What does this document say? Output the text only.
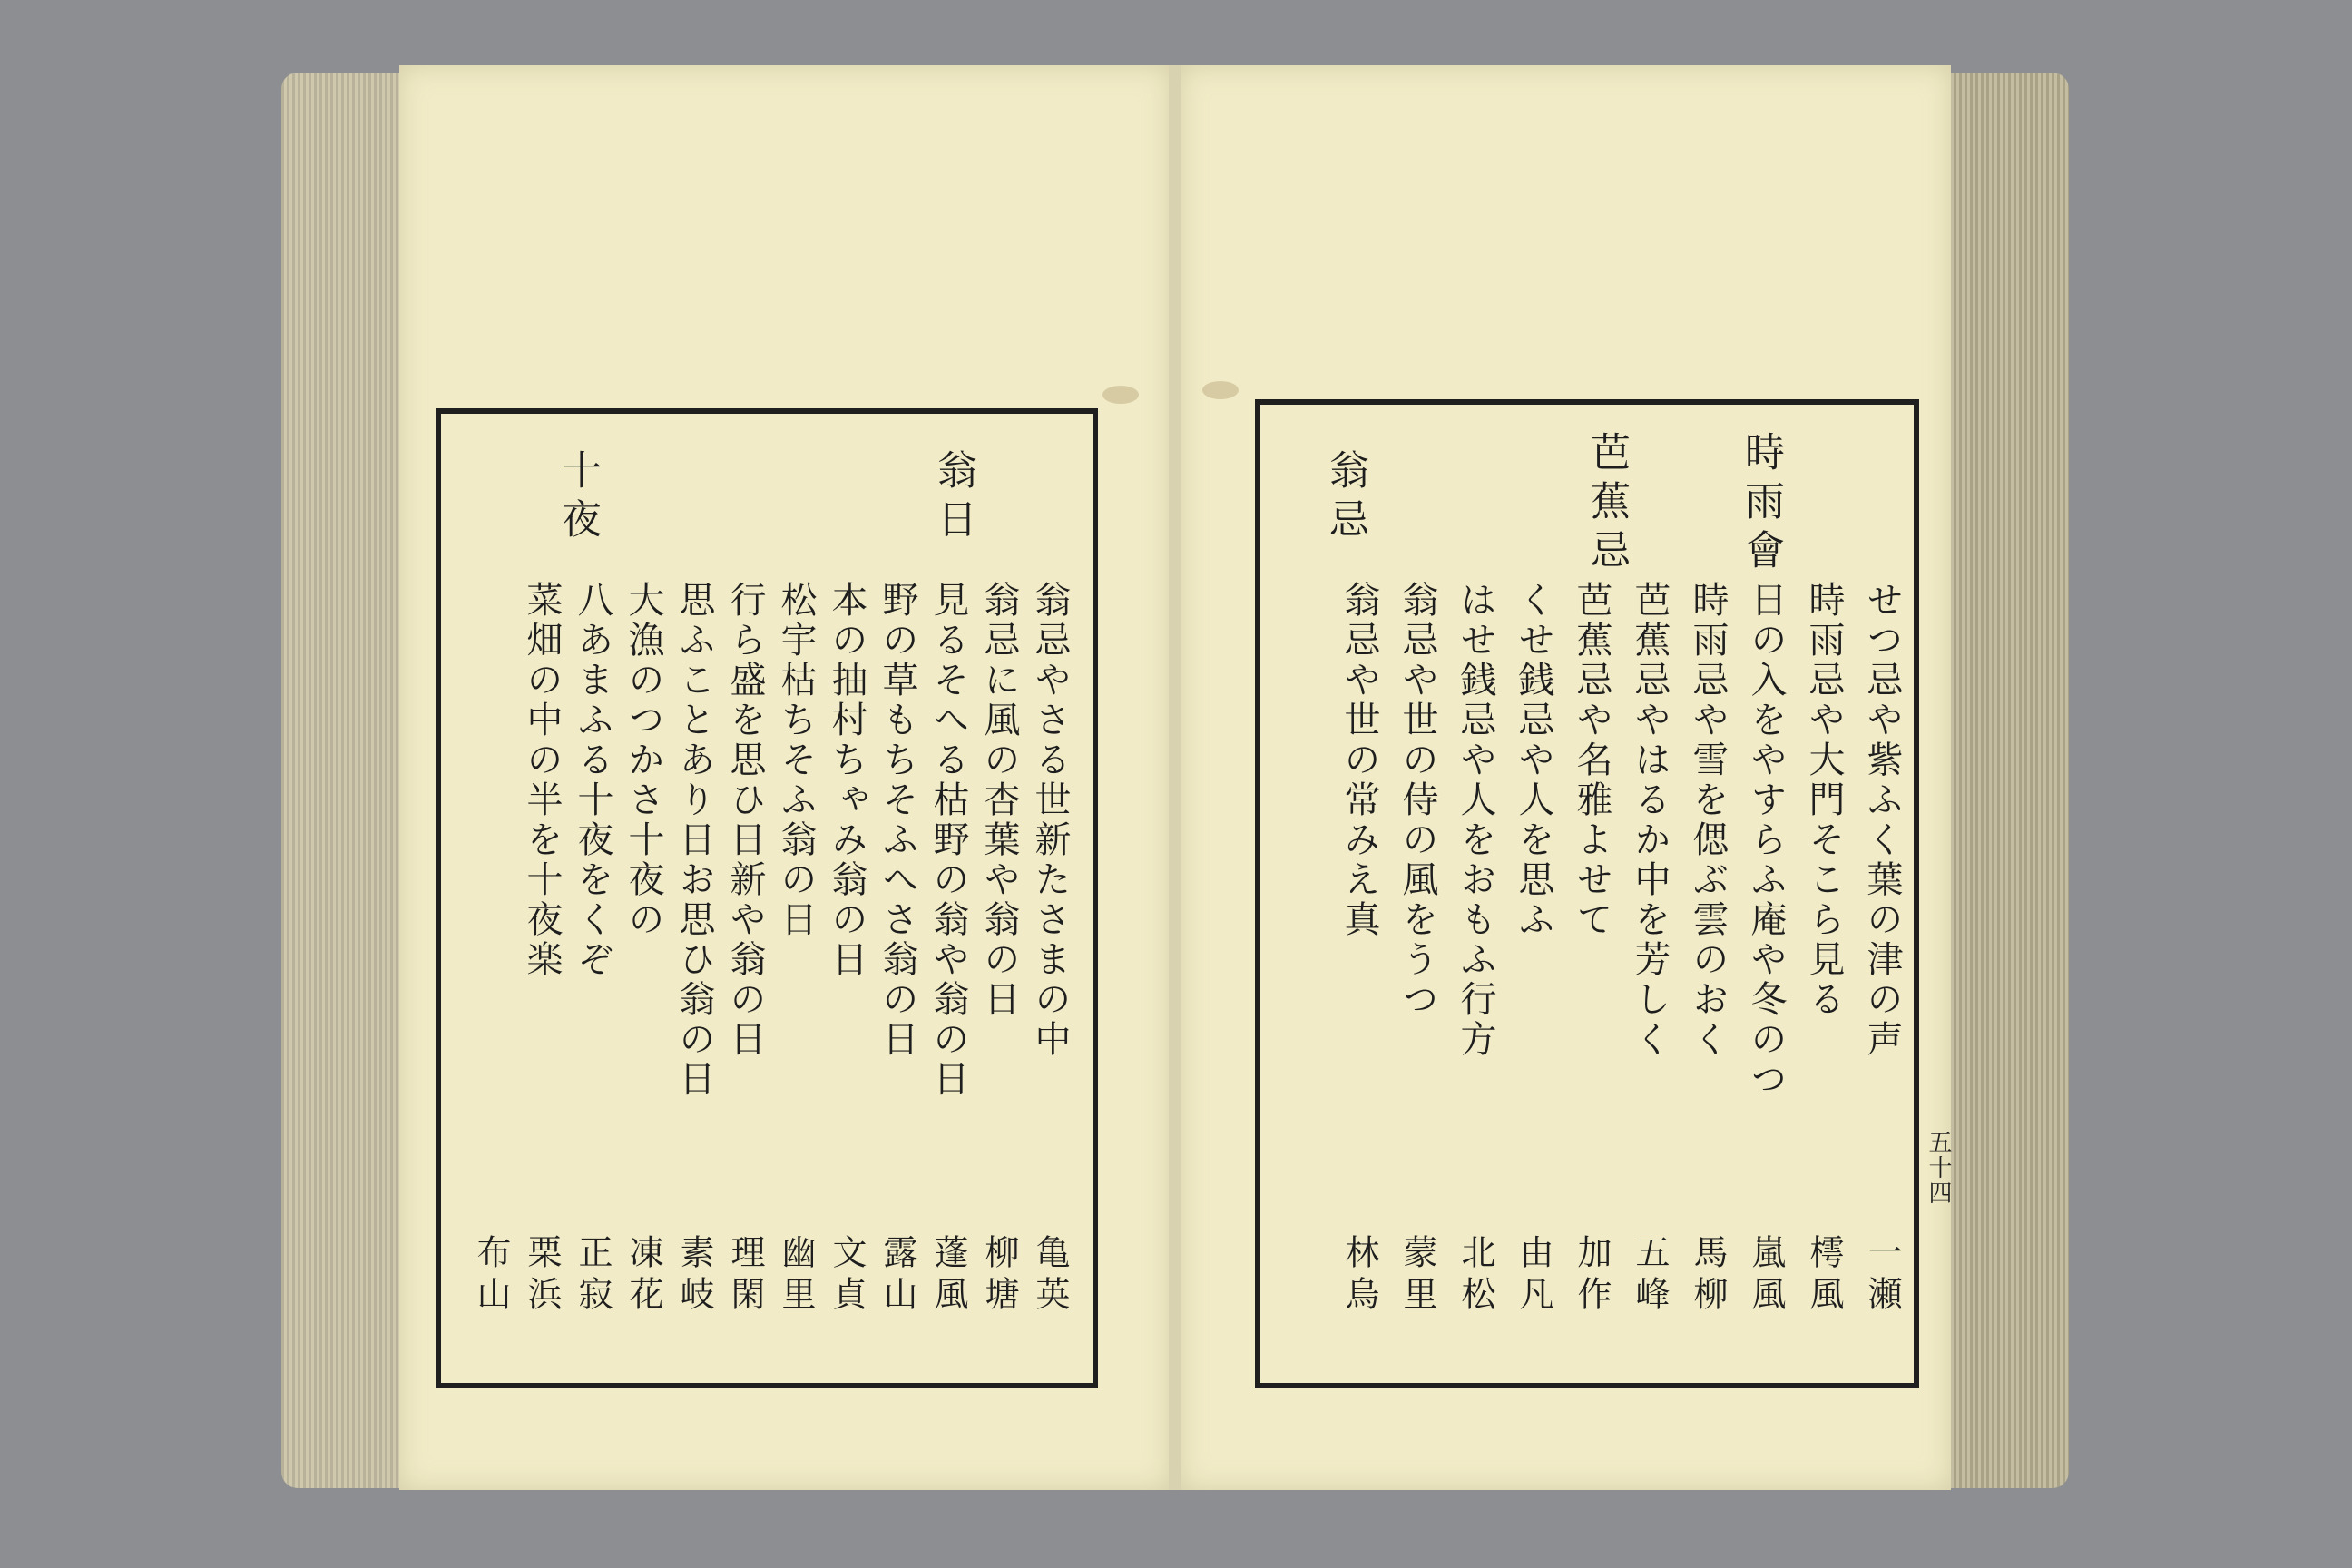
時雨會
芭蕉忌
翁忌
五十四
せつ忌や紫ふく葉の津の声
一瀬
時雨忌や大門そこら見る
樗風
日の入をやすらふ庵や冬のつ
嵐風
時雨忌や雪を偲ぶ雲のおく
馬柳
芭蕉忌やはるか中を芳しく
五峰
芭蕉忌や名雅よせて
加作
くせ銭忌や人を思ふ
由凡
はせ銭忌や人をおもふ行方
北松
翁忌や世の侍の風をうつ
蒙里
翁忌や世の常みえ真
林烏
翁忌やさる世新たさまの中
亀英
翁忌に風の杏葉や翁の日
柳塘
見るそへる枯野の翁や翁の日
蓬風
野の草もちそふへさ翁の日
露山
本の抽村ちゃみ翁の日
文貞
松宇枯ちそふ翁の日
幽里
行ら盛を思ひ日新や翁の日
理閑
思ふことあり日お思ひ翁の日
素岐
大漁のつかさ十夜の
凍花
八あまふる十夜をくぞ
正寂
菜畑の中の半を十夜楽
栗浜
布山
翁日
十夜
